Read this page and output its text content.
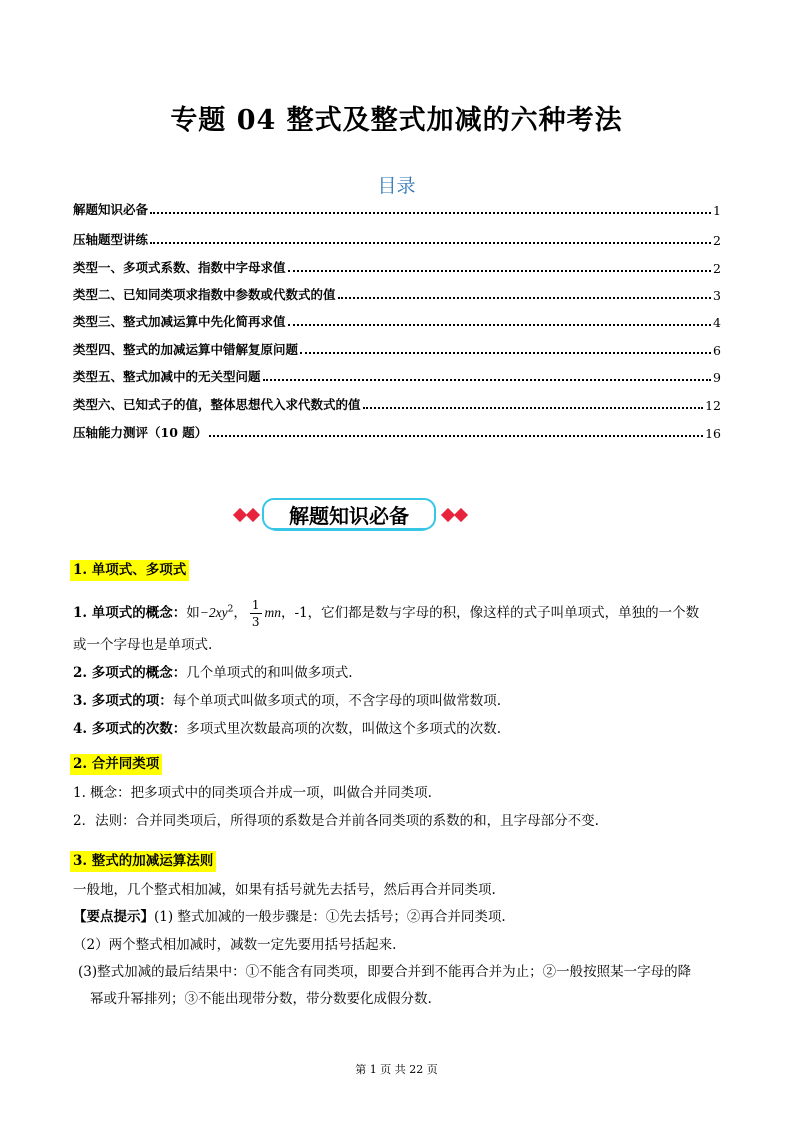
专题 04 整式及整式加减的六种考法
目录
解题知识必备	1
压轴题型讲练	2
类型一、多项式系数、指数中字母求值	2
类型二、已知同类项求指数中参数或代数式的值	3
类型三、整式加减运算中先化简再求值	4
类型四、整式的加减运算中错解复原问题	6
类型五、整式加减中的无关型问题	9
类型六、已知式子的值，整体思想代入求代数式的值	12
压轴能力测评（10 题）	16
解题知识必备
1. 单项式、多项式
1. 单项式的概念：如$-2xy^2$， $\frac{1}{3}$ mn，-1，它们都是数与字母的积，像这样的式子叫单项式，单独的一个数
或一个字母也是单项式.
2. 多项式的概念：几个单项式的和叫做多项式.
3. 多项式的项：每个单项式叫做多项式的项，不含字母的项叫做常数项.
4. 多项式的次数：多项式里次数最高项的次数，叫做这个多项式的次数.
2. 合并同类项
1. 概念：把多项式中的同类项合并成一项，叫做合并同类项.
2．法则：合并同类项后，所得项的系数是合并前各同类项的系数的和，且字母部分不变.
3. 整式的加减运算法则
一般地，几个整式相加减，如果有括号就先去括号，然后再合并同类项.
【要点提示】(1) 整式加减的一般步骤是：①先去括号；②再合并同类项.
（2）两个整式相加减时，减数一定先要用括号括起来.
(3)整式加减的最后结果中：①不能含有同类项，即要合并到不能再合并为止；②一般按照某一字母的降
幂或升幂排列；③不能出现带分数，带分数要化成假分数.
第 1 页 共 22 页
